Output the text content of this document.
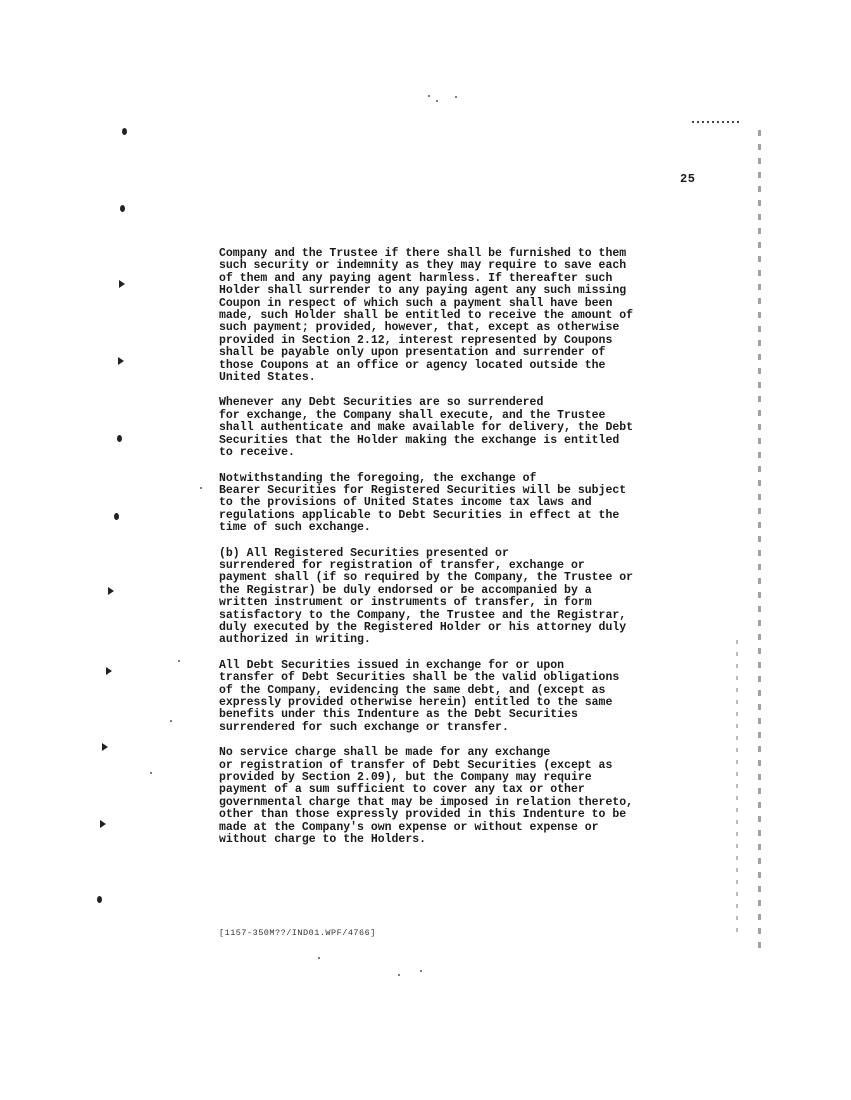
25

Company and the Trustee if there shall be furnished to them
such security or indemnity as they may require to save each
of them and any paying agent harmless. If thereafter such
Holder shall surrender to any paying agent any such missing
Coupon in respect of which such a payment shall have been
made, such Holder shall be entitled to receive the amount of
such payment; provided, however, that, except as otherwise
provided in Section 2.12, interest represented by Coupons
shall be payable only upon presentation and surrender of
those Coupons at an office or agency located outside the
United States.

Whenever any Debt Securities are so surrendered
for exchange, the Company shall execute, and the Trustee
shall authenticate and make available for delivery, the Debt
Securities that the Holder making the exchange is entitled
to receive.

Notwithstanding the foregoing, the exchange of
Bearer Securities for Registered Securities will be subject
to the provisions of United States income tax laws and
regulations applicable to Debt Securities in effect at the
time of such exchange.

(b) All Registered Securities presented or
surrendered for registration of transfer, exchange or
payment shall (if so required by the Company, the Trustee or
the Registrar) be duly endorsed or be accompanied by a
written instrument or instruments of transfer, in form
satisfactory to the Company, the Trustee and the Registrar,
duly executed by the Registered Holder or his attorney duly
authorized in writing.

All Debt Securities issued in exchange for or upon
transfer of Debt Securities shall be the valid obligations
of the Company, evidencing the same debt, and (except as
expressly provided otherwise herein) entitled to the same
benefits under this Indenture as the Debt Securities
surrendered for such exchange or transfer.

No service charge shall be made for any exchange
or registration of transfer of Debt Securities (except as
provided by Section 2.09), but the Company may require
payment of a sum sufficient to cover any tax or other
governmental charge that may be imposed in relation thereto,
other than those expressly provided in this Indenture to be
made at the Company's own expense or without expense or
without charge to the Holders.

[1157-350M??/IND01.WPF/4766]
